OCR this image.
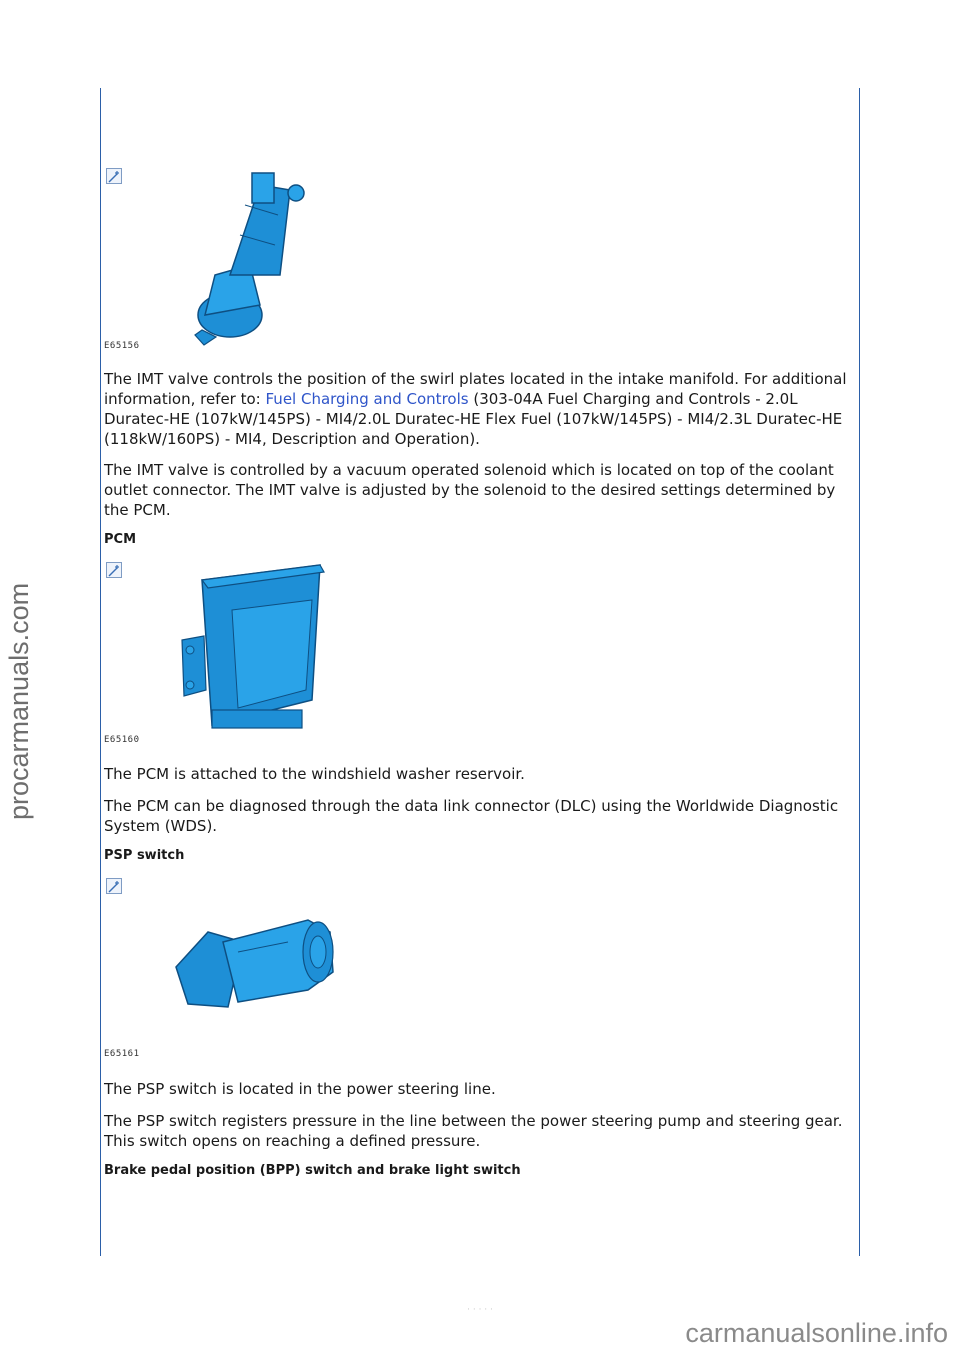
procarmanuals.com
E65156

The IMT valve controls the position of the swirl plates located in the intake manifold. For additional information, refer to: Fuel Charging and Controls (303-04A Fuel Charging and Controls - 2.0L Duratec-HE (107kW/145PS) - MI4/2.0L Duratec-HE Flex Fuel (107kW/145PS) - MI4/2.3L Duratec-HE (118kW/160PS) - MI4, Description and Operation).

The IMT valve is controlled by a vacuum operated solenoid which is located on top of the coolant outlet connector. The IMT valve is adjusted by the solenoid to the desired settings determined by the PCM.

PCM
E65160

The PCM is attached to the windshield washer reservoir.

The PCM can be diagnosed through the data link connector (DLC) using the Worldwide Diagnostic System (WDS).

PSP switch
E65161

The PSP switch is located in the power steering line.

The PSP switch registers pressure in the line between the power steering pump and steering gear. This switch opens on reaching a defined pressure.

Brake pedal position (BPP) switch and brake light switch
· · · · ·
carmanualsonline.info
